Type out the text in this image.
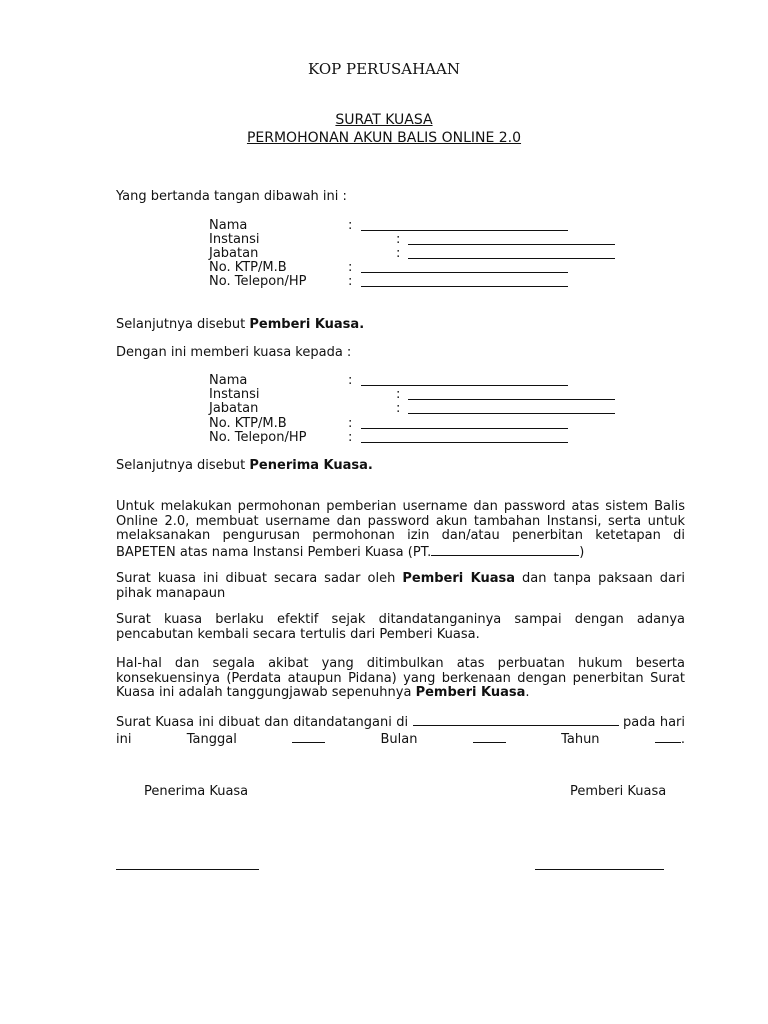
KOP PERUSAHAAN
SURAT KUASA
PERMOHONAN AKUN BALIS ONLINE 2.0
Yang bertanda tangan dibawah ini :
Nama	:
Instansi	:
Jabatan	:
No. KTP/M.B	:
No. Telepon/HP	:
Selanjutnya disebut Pemberi Kuasa.
Dengan ini memberi kuasa kepada :
Nama	:
Instansi	:
Jabatan	:
No. KTP/M.B	:
No. Telepon/HP	:
Selanjutnya disebut Penerima Kuasa.
Untuk melakukan permohonan pemberian username dan password atas sistem Balis Online 2.0, membuat username dan password akun tambahan Instansi, serta untuk melaksanakan pengurusan permohonan izin dan/atau penerbitan ketetapan di BAPETEN atas nama Instansi Pemberi Kuasa (PT.	)
Surat kuasa ini dibuat secara sadar oleh Pemberi Kuasa dan tanpa paksaan dari pihak manapaun
Surat kuasa berlaku efektif sejak ditandatanganinya sampai dengan adanya pencabutan kembali secara tertulis dari Pemberi Kuasa.
Hal-hal dan segala akibat yang ditimbulkan atas perbuatan hukum beserta konsekuensinya (Perdata ataupun Pidana) yang berkenaan dengan penerbitan Surat Kuasa ini adalah tanggungjawab sepenuhnya Pemberi Kuasa.
Surat Kuasa ini dibuat dan ditandatangani di	pada hari ini Tanggal	Bulan	Tahun	.
Penerima Kuasa	Pemberi Kuasa
